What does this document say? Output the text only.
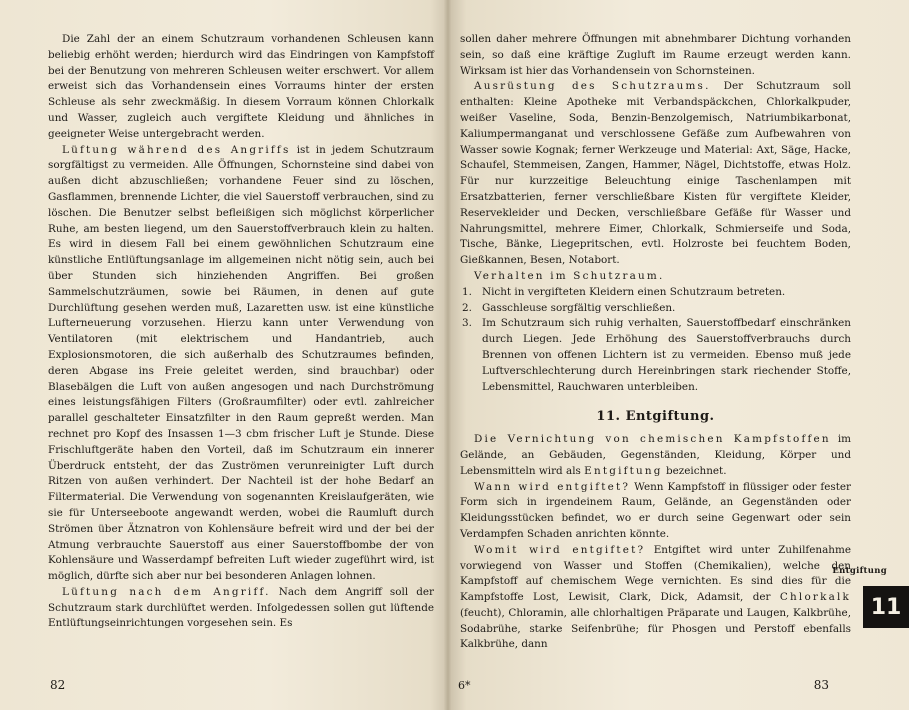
Die Zahl der an einem Schutzraum vorhandenen Schleusen kann beliebig erhöht werden; hierdurch wird das Eindringen von Kampfstoff bei der Benutzung von mehreren Schleusen weiter erschwert. Vor allem erweist sich das Vorhandensein eines Vorraums hinter der ersten Schleuse als sehr zweckmäßig. In diesem Vorraum können Chlorkalk und Wasser, zugleich auch vergiftete Kleidung und ähnliches in geeigneter Weise untergebracht werden.

Lüftung während des Angriffs ist in jedem Schutzraum sorgfältigst zu vermeiden. Alle Öffnungen, Schornsteine sind dabei von außen dicht abzuschließen; vorhandene Feuer sind zu löschen, Gasflammen, brennende Lichter, die viel Sauerstoff verbrauchen, sind zu löschen. Die Benutzer selbst befleißigen sich möglichst körperlicher Ruhe, am besten liegend, um den Sauerstoffverbrauch klein zu halten. Es wird in diesem Fall bei einem gewöhnlichen Schutzraum eine künstliche Entlüftungsanlage im allgemeinen nicht nötig sein, auch bei über Stunden sich hinziehenden Angriffen. Bei großen Sammelschutzräumen, sowie bei Räumen, in denen auf gute Durchlüftung gesehen werden muß, Lazaretten usw. ist eine künstliche Lufterneuerung vorzusehen. Hierzu kann unter Verwendung von Ventilatoren (mit elektrischem und Handantrieb, auch Explosionsmotoren, die sich außerhalb des Schutzraumes befinden, deren Abgase ins Freie geleitet werden, sind brauchbar) oder Blasebälgen die Luft von außen angesogen und nach Durchströmung eines leistungsfähigen Filters (Großraumfilter) oder evtl. zahlreicher parallel geschalteter Einsatzfilter in den Raum gepreßt werden. Man rechnet pro Kopf des Insassen 1—3 cbm frischer Luft je Stunde. Diese Frischluftgeräte haben den Vorteil, daß im Schutzraum ein innerer Überdruck entsteht, der das Zuströmen verunreinigter Luft durch Ritzen von außen verhindert. Der Nachteil ist der hohe Bedarf an Filtermaterial. Die Verwendung von sogenannten Kreislaufgeräten, wie sie für Unterseeboote angewandt werden, wobei die Raumluft durch Strömen über Ätznatron von Kohlensäure befreit wird und der bei der Atmung verbrauchte Sauerstoff aus einer Sauerstoffbombe der von Kohlensäure und Wasserdampf befreiten Luft wieder zugeführt wird, ist möglich, dürfte sich aber nur bei besonderen Anlagen lohnen.

Lüftung nach dem Angriff. Nach dem Angriff soll der Schutzraum stark durchlüftet werden. Infolgedessen sollen gut lüftende Entlüftungseinrichtungen vorgesehen sein. Es

sollen daher mehrere Öffnungen mit abnehmbarer Dichtung vorhanden sein, so daß eine kräftige Zugluft im Raume erzeugt werden kann. Wirksam ist hier das Vorhandensein von Schornsteinen.

Ausrüstung des Schutzraums. Der Schutzraum soll enthalten: Kleine Apotheke mit Verbandspäckchen, Chlorkalkpuder, weißer Vaseline, Soda, Benzin-Benzolgemisch, Natriumbikarbonat, Kaliumpermanganat und verschlossene Gefäße zum Aufbewahren von Wasser sowie Kognak; ferner Werkzeuge und Material: Axt, Säge, Hacke, Schaufel, Stemmeisen, Zangen, Hammer, Nägel, Dichtstoffe, etwas Holz. Für nur kurzzeitige Beleuchtung einige Taschenlampen mit Ersatzbatterien, ferner verschließbare Kisten für vergiftete Kleider, Reservekleider und Decken, verschließbare Gefäße für Wasser und Nahrungsmittel, mehrere Eimer, Chlorkalk, Schmierseife und Soda, Tische, Bänke, Liegepritschen, evtl. Holzroste bei feuchtem Boden, Gießkannen, Besen, Notabort.

Verhalten im Schutzraum.

1. Nicht in vergifteten Kleidern einen Schutzraum betreten.
2. Gasschleuse sorgfältig verschließen.
3. Im Schutzraum sich ruhig verhalten, Sauerstoffbedarf einschränken durch Liegen. Jede Erhöhung des Sauerstoffverbrauchs durch Brennen von offenen Lichtern ist zu vermeiden. Ebenso muß jede Luftverschlechterung durch Hereinbringen stark riechender Stoffe, Lebensmittel, Rauchwaren unterbleiben.
11. Entgiftung.

Die Vernichtung von chemischen Kampfstoffen im Gelände, an Gebäuden, Gegenständen, Kleidung, Körper und Lebensmitteln wird als Entgiftung bezeichnet.

Wann wird entgiftet? Wenn Kampfstoff in flüssiger oder fester Form sich in irgendeinem Raum, Gelände, an Gegenständen oder Kleidungsstücken befindet, wo er durch seine Gegenwart oder sein Verdampfen Schaden anrichten könnte.

Womit wird entgiftet? Entgiftet wird unter Zuhilfenahme vorwiegend von Wasser und Stoffen (Chemikalien), welche den Kampfstoff auf chemischem Wege vernichten. Es sind dies für die Kampfstoffe Lost, Lewisit, Clark, Dick, Adamsit, der Chlorkalk (feucht), Chloramin, alle chlorhaltigen Präparate und Laugen, Kalkbrühe, Sodabrühe, starke Seifenbrühe; für Phosgen und Perstoff ebenfalls Kalkbrühe, dann

82	6*	83
Entgiftung
11
